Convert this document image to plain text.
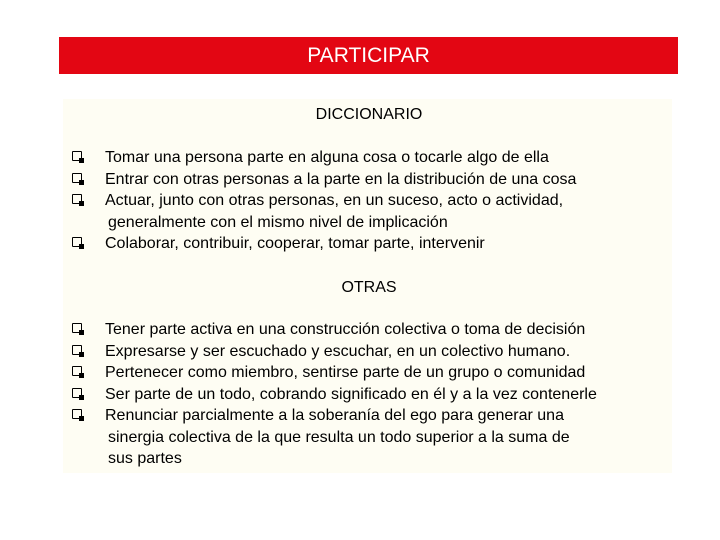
PARTICIPAR
DICCIONARIO
Tomar una persona parte en alguna cosa o tocarle algo de ella
Entrar con otras personas a la parte en la distribución de una cosa
Actuar, junto con otras personas, en un suceso, acto o actividad,
generalmente con el mismo nivel de implicación
Colaborar, contribuir, cooperar, tomar parte, intervenir
OTRAS
Tener parte activa en una construcción colectiva o toma de decisión
Expresarse y ser escuchado y escuchar, en un colectivo humano.
Pertenecer como miembro, sentirse parte de un grupo o comunidad
Ser parte de un todo, cobrando significado en él y a la vez contenerle
Renunciar parcialmente a la soberanía del ego para generar una
sinergia colectiva de la que resulta un todo superior a la suma de
sus partes
